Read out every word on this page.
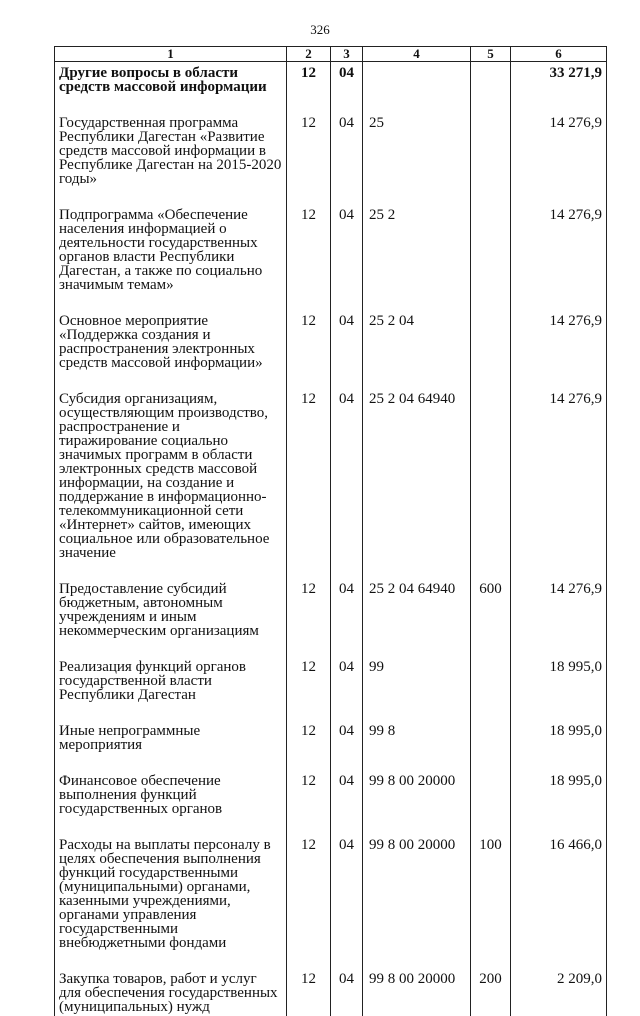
326
1	2	3	4	5	6
Другие вопросы в области средств массовой информации	12	04			33 271,9
Государственная программа Республики Дагестан «Развитие средств массовой информации в Республике Дагестан на 2015-2020 годы»	12	04	25		14 276,9
Подпрограмма «Обеспечение населения информацией о деятельности государственных органов власти Республики Дагестан, а также по социально значимым темам»	12	04	25 2		14 276,9
Основное мероприятие «Поддержка создания и распространения электронных средств массовой информации»	12	04	25 2 04		14 276,9
Субсидия организациям, осуществляющим производство, распространение и тиражирование социально значимых программ в области электронных средств массовой информации, на создание и поддержание в информационно-телекоммуникационной сети «Интернет» сайтов, имеющих социальное или образовательное значение	12	04	25 2 04 64940		14 276,9
Предоставление субсидий бюджетным, автономным учреждениям и иным некоммерческим организациям	12	04	25 2 04 64940	600	14 276,9
Реализация функций органов государственной власти Республики Дагестан	12	04	99		18 995,0
Иные непрограммные мероприятия	12	04	99 8		18 995,0
Финансовое обеспечение выполнения функций государственных органов	12	04	99 8 00 20000		18 995,0
Расходы на выплаты персоналу в целях обеспечения выполнения функций государственными (муниципальными) органами, казенными учреждениями, органами управления государственными внебюджетными фондами	12	04	99 8 00 20000	100	16 466,0
Закупка товаров, работ и услуг для обеспечения государственных (муниципальных) нужд	12	04	99 8 00 20000	200	2 209,0
